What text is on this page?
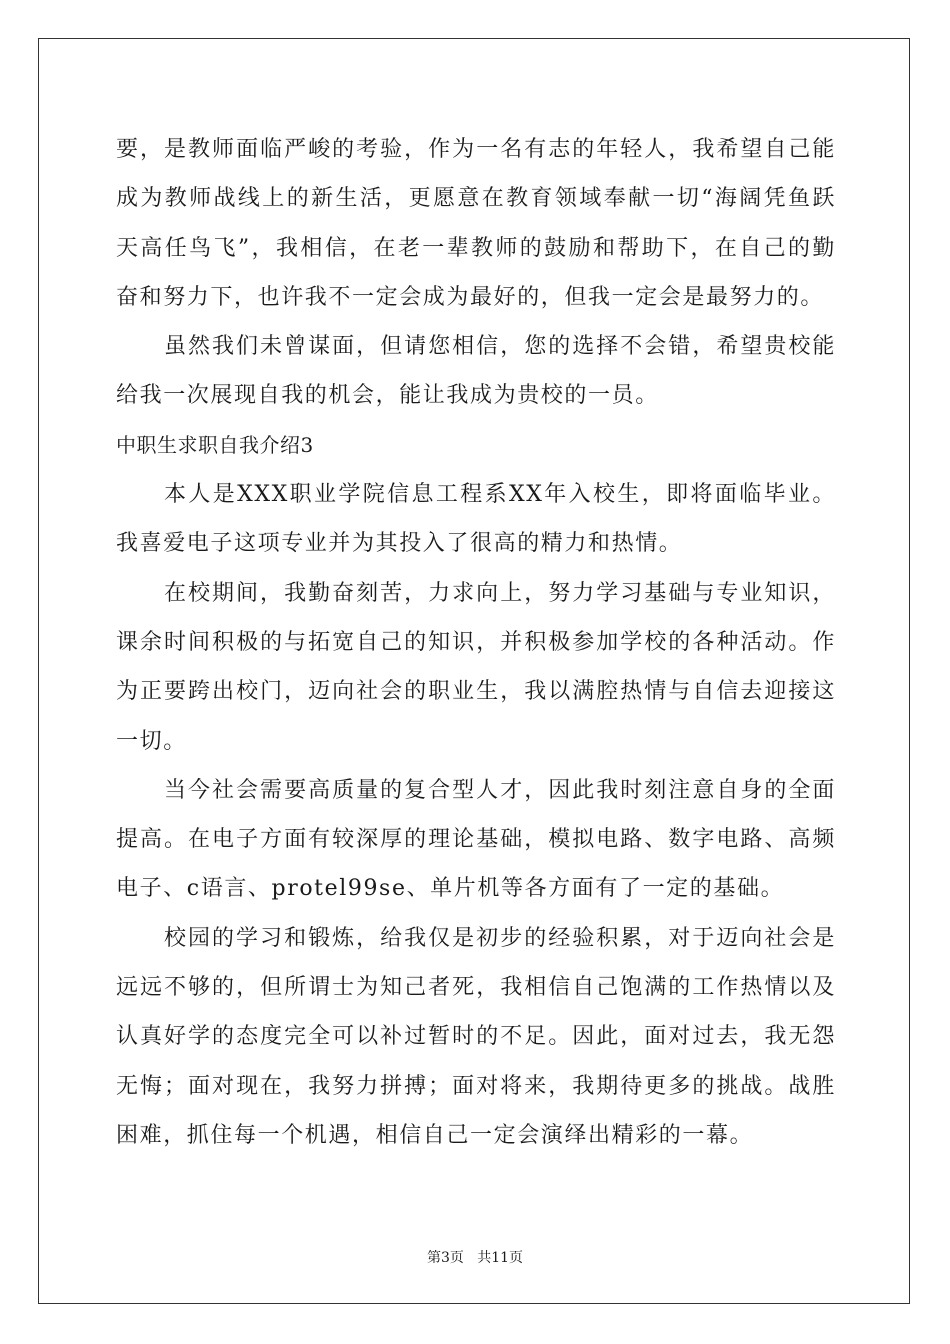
要，是教师面临严峻的考验，作为一名有志的年轻人，我希望自己能成为教师战线上的新生活，更愿意在教育领域奉献一切“海阔凭鱼跃天高任鸟飞”，我相信，在老一辈教师的鼓励和帮助下，在自己的勤奋和努力下，也许我不一定会成为最好的，但我一定会是最努力的。

虽然我们未曾谋面，但请您相信，您的选择不会错，希望贵校能给我一次展现自我的机会，能让我成为贵校的一员。

中职生求职自我介绍3

本人是XXX职业学院信息工程系XX年入校生，即将面临毕业。我喜爱电子这项专业并为其投入了很高的精力和热情。

在校期间，我勤奋刻苦，力求向上，努力学习基础与专业知识，课余时间积极的与拓宽自己的知识，并积极参加学校的各种活动。作为正要跨出校门，迈向社会的职业生，我以满腔热情与自信去迎接这一切。

当今社会需要高质量的复合型人才，因此我时刻注意自身的全面提高。在电子方面有较深厚的理论基础，模拟电路、数字电路、高频电子、c语言、protel99se、单片机等各方面有了一定的基础。

校园的学习和锻炼，给我仅是初步的经验积累，对于迈向社会是远远不够的，但所谓士为知己者死，我相信自己饱满的工作热情以及认真好学的态度完全可以补过暂时的不足。因此，面对过去，我无怨无悔；面对现在，我努力拼搏；面对将来，我期待更多的挑战。战胜困难，抓住每一个机遇，相信自己一定会演绎出精彩的一幕。

第3页   共11页
